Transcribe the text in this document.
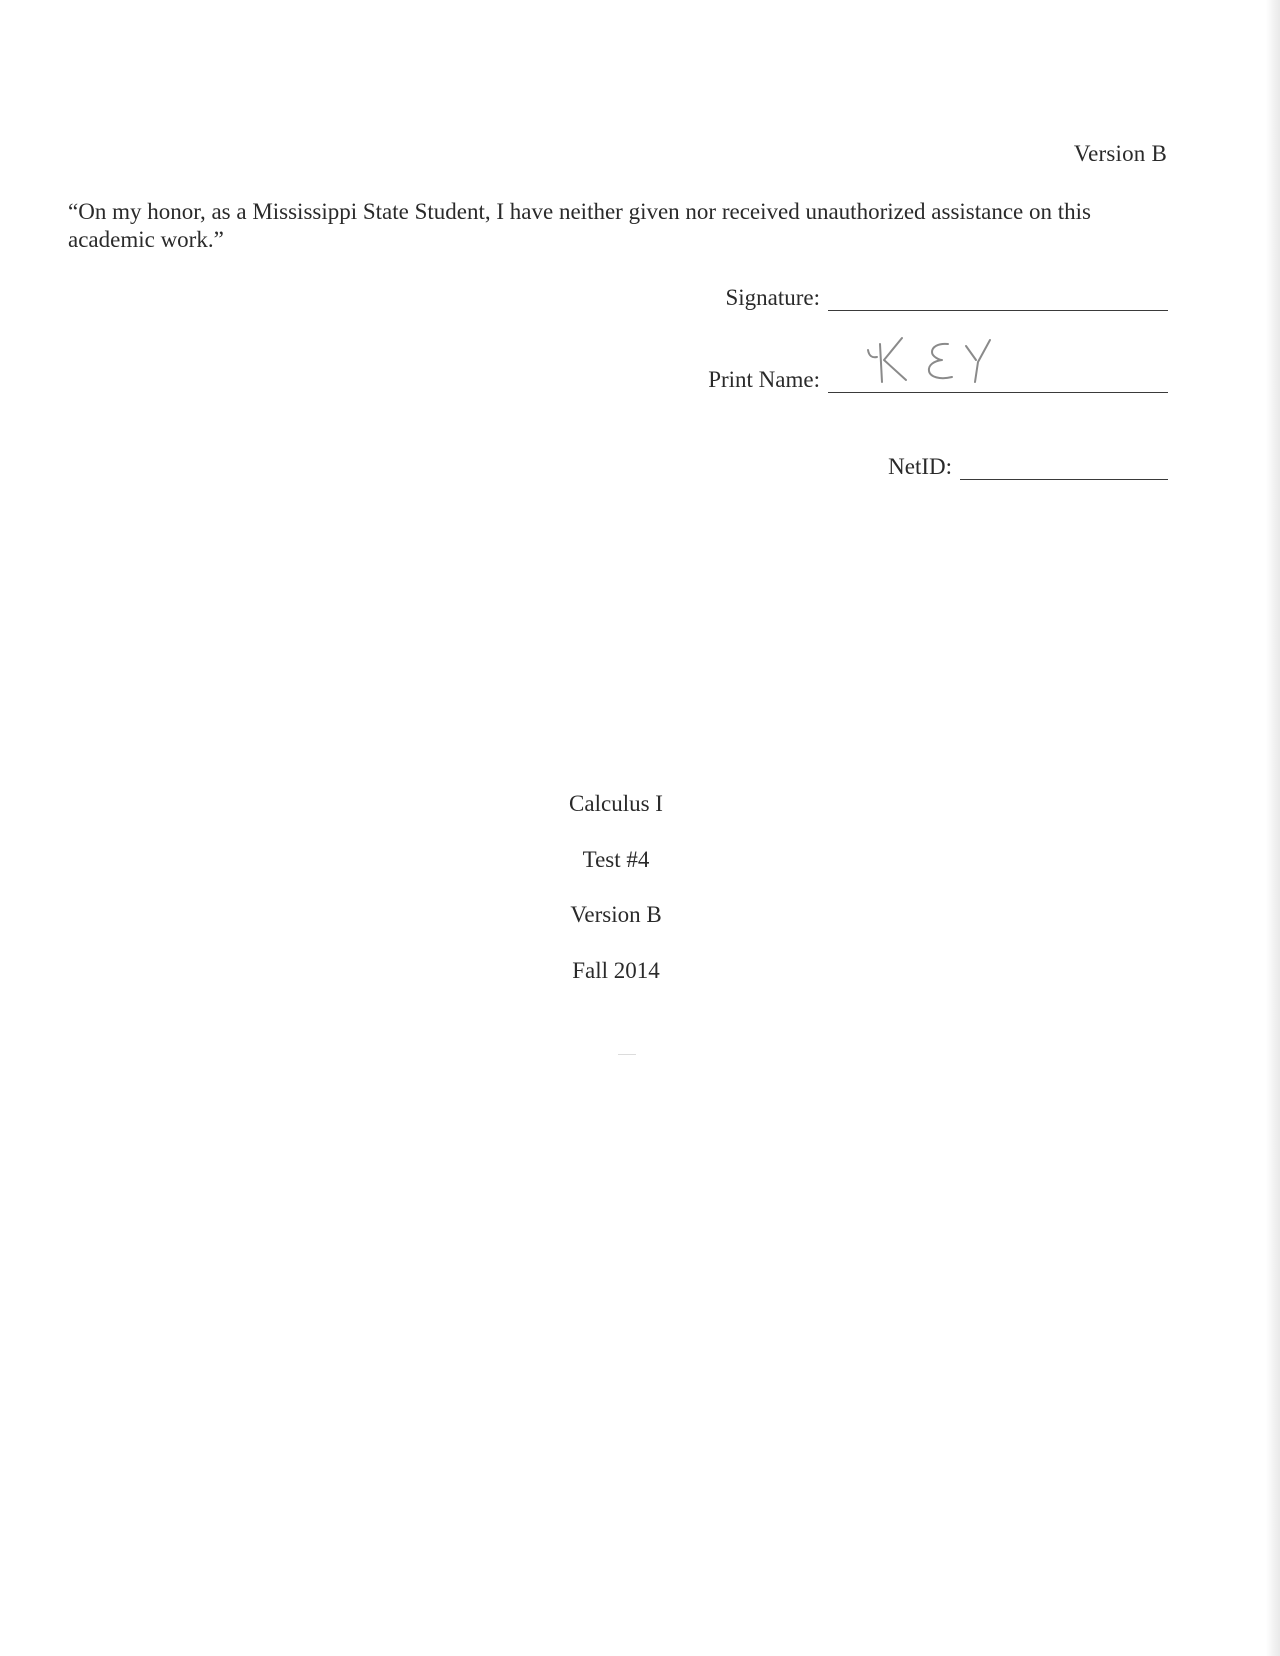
Version B
“On my honor, as a Mississippi State Student, I have neither given nor received unauthorized assistance on this academic work.”
Signature:
Print Name:
NetID:
Calculus I
Test #4
Version B
Fall 2014
